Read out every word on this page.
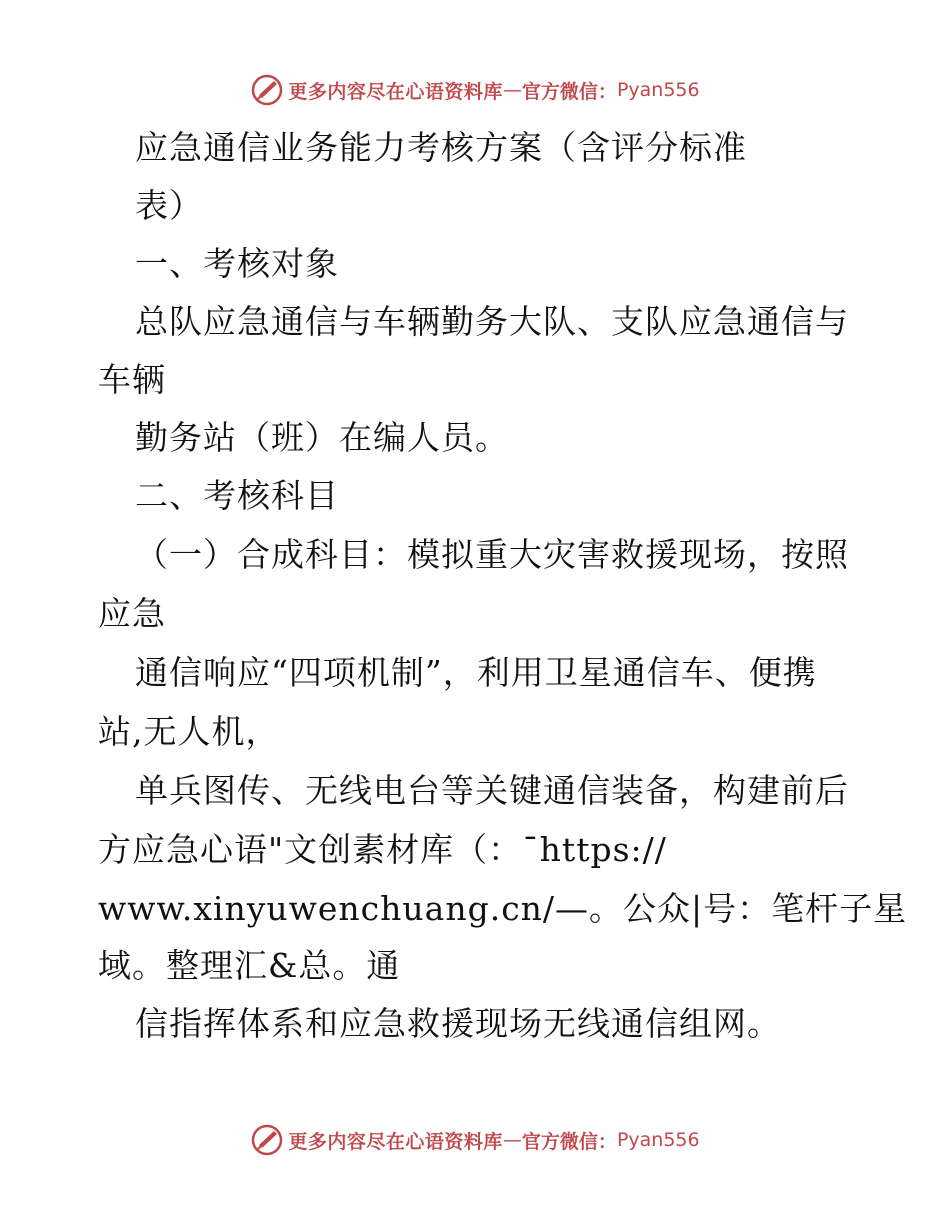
更多内容尽在心语资料库 — 官方微信： Pyan556
应急通信业务能力考核方案（含评分标准
表）
一、考核对象
总队应急通信与车辆勤务大队、支队应急通信与
车辆
勤务站（班）在编人员。
二、考核科目
（一）合成科目：模拟重大灾害救援现场，按照
应急
通信响应“四项机制”，利用卫星通信车、便携
站,无人机，
单兵图传、无线电台等关键通信装备，构建前后
方应急心语"文创素材库（：¯https://
www.xinyuwenchuang.cn/—。公众|号：笔杆子星
域。整理汇&总。通
信指挥体系和应急救援现场无线通信组网。
更多内容尽在心语资料库 — 官方微信： Pyan556
